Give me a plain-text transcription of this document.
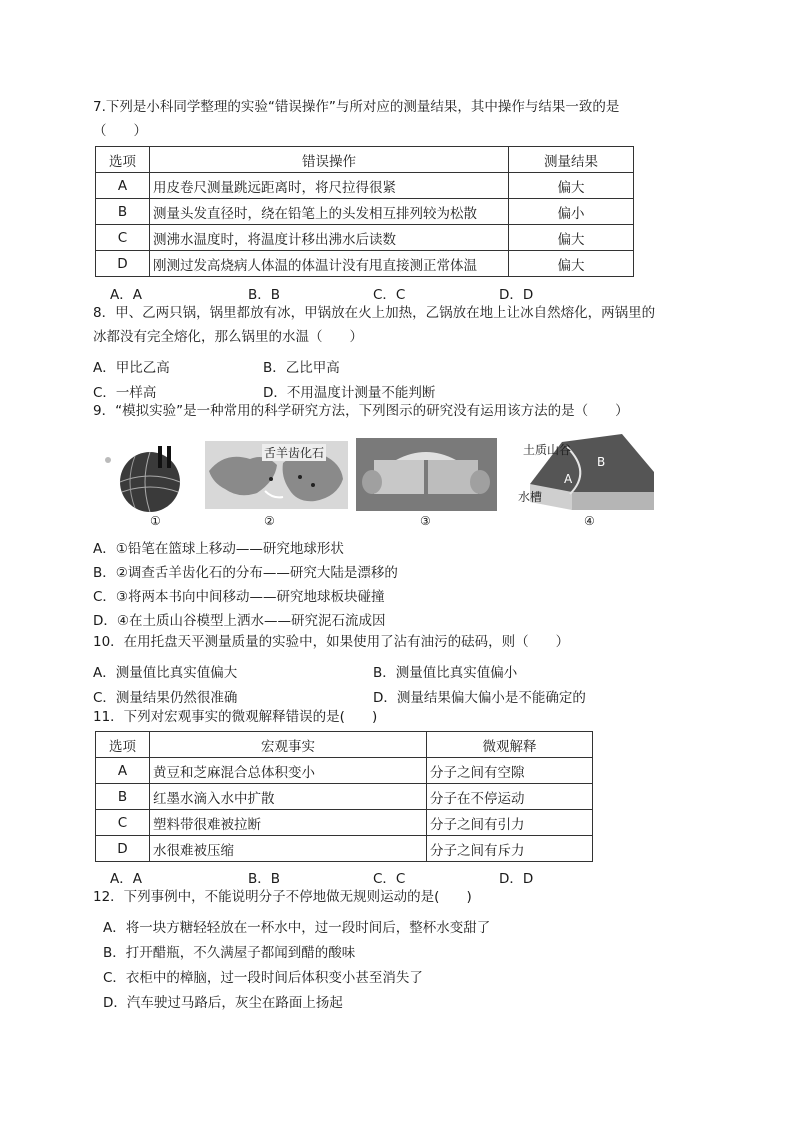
7.下列是小科同学整理的实验“错误操作”与所对应的测量结果，其中操作与结果一致的是
（　　）
选项	错误操作	测量结果
A	用皮卷尺测量跳远距离时，将尺拉得很紧	偏大
B	测量头发直径时，绕在铅笔上的头发相互排列较为松散	偏小
C	测沸水温度时，将温度计移出沸水后读数	偏大
D	刚测过发高烧病人体温的体温计没有甩直接测正常体温	偏大
A．A	B．B	C．C	D．D
8．甲、乙两只锅，锅里都放有冰，甲锅放在火上加热，乙锅放在地上让冰自然熔化，两锅里的
冰都没有完全熔化，那么锅里的水温（　　）
A．甲比乙高	B．乙比甲高
C．一样高	D．不用温度计测量不能判断
9．“模拟实验”是一种常用的科学研究方法，下列图示的研究没有运用该方法的是（　　）
①
舌羊齿化石
②	③
土质山谷
B
A
水槽
④
A．①铅笔在篮球上移动——研究地球形状
B．②调查舌羊齿化石的分布——研究大陆是漂移的
C．③将两本书向中间移动——研究地球板块碰撞
D．④在土质山谷模型上洒水——研究泥石流成因
10．在用托盘天平测量质量的实验中，如果使用了沾有油污的砝码，则（　　）
A．测量值比真实值偏大	B．测量值比真实值偏小
C．测量结果仍然很准确	D．测量结果偏大偏小是不能确定的
11．下列对宏观事实的微观解释错误的是(　　)
选项	宏观事实	微观解释
A	黄豆和芝麻混合总体积变小	分子之间有空隙
B	红墨水滴入水中扩散	分子在不停运动
C	塑料带很难被拉断	分子之间有引力
D	水很难被压缩	分子之间有斥力
A．A	B．B	C．C	D．D
12．下列事例中，不能说明分子不停地做无规则运动的是(　　)
A．将一块方糖轻轻放在一杯水中，过一段时间后，整杯水变甜了
B．打开醋瓶，不久满屋子都闻到醋的酸味
C．衣柜中的樟脑，过一段时间后体积变小甚至消失了
D．汽车驶过马路后，灰尘在路面上扬起
